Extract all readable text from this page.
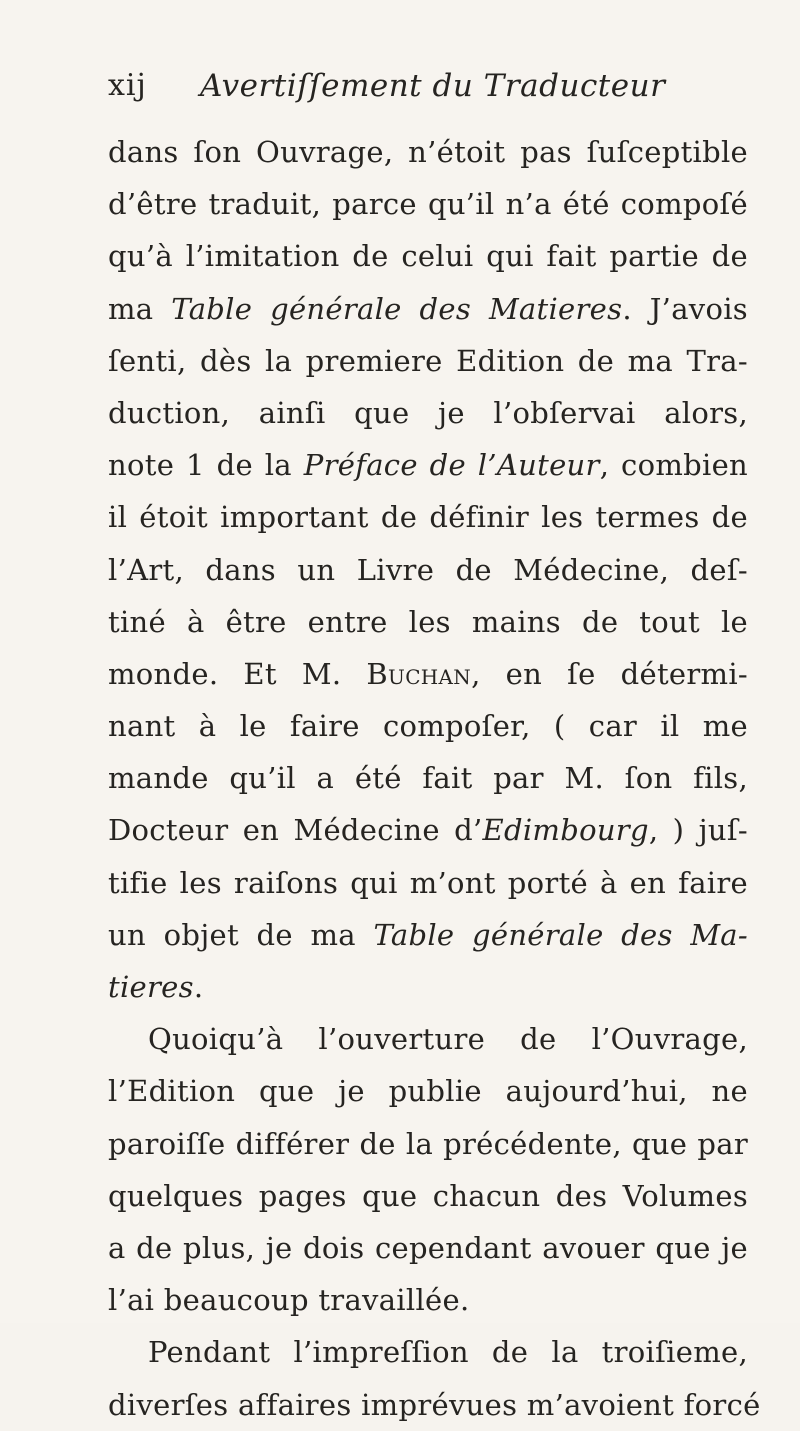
xij Avertiſſement du Traducteur
dans ſon Ouvrage, n’étoit pas ſuſceptible
d’être traduit, parce qu’il n’a été compoſé
qu’à l’imitation de celui qui fait partie de
ma Table générale des Matieres. J’avois
ſenti, dès la premiere Edition de ma Tra-
duction, ainſi que je l’obſervai alors,
note 1 de la Préface de l’Auteur, combien
il étoit important de définir les termes de
l’Art, dans un Livre de Médecine, deſ-
tiné à être entre les mains de tout le
monde. Et M. Buchan, en ſe détermi-
nant à le faire compoſer, ( car il me
mande qu’il a été fait par M. ſon fils,
Docteur en Médecine d’Edimbourg, ) juſ-
tifie les raiſons qui m’ont porté à en faire
un objet de ma Table générale des Ma-
tieres.
Quoiqu’à l’ouverture de l’Ouvrage,
l’Edition que je publie aujourd’hui, ne
paroiſſe différer de la précédente, que par
quelques pages que chacun des Volumes
a de plus, je dois cependant avouer que je
l’ai beaucoup travaillée.
Pendant l’impreſſion de la troiſieme,
diverſes affaires imprévues m’avoient forcé
